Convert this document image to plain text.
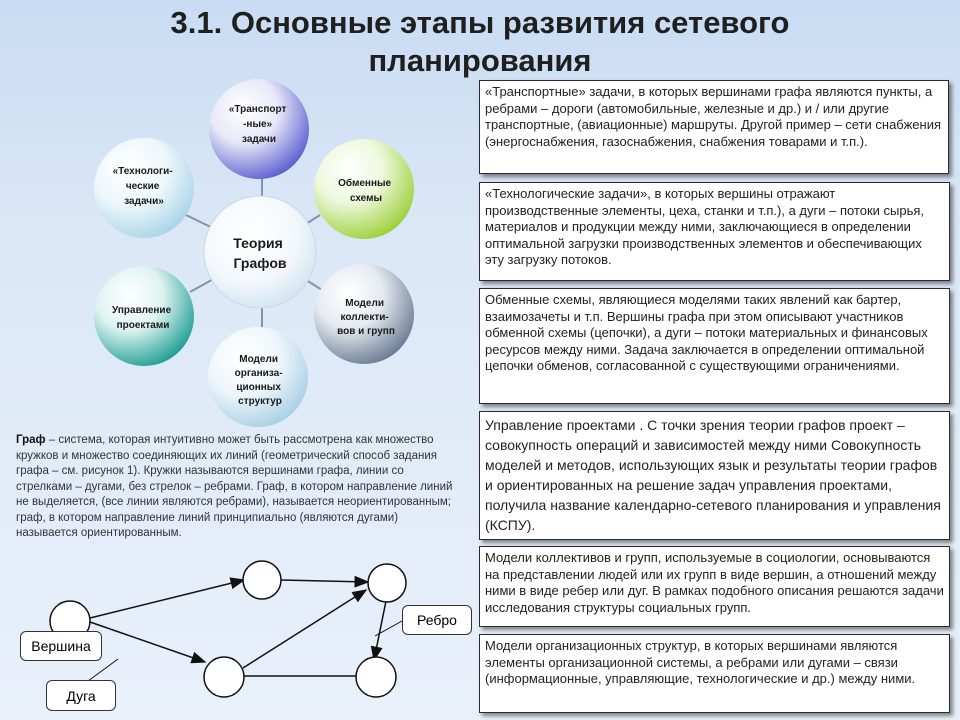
3.1. Основные этапы развития сетевого планирования
«Транспорт -ные» задачи
Обменные схемы
Модели коллекти- вов и групп
Модели организа- ционных структур
Управление проектами
«Технологи- ческие задачи»
Теория Графов
Вершина
Дуга
Ребро
Граф – система, которая интуитивно может быть рассмотрена как множество кружков и множество соединяющих их линий (геометрический способ задания графа – см. рисунок 1). Кружки называются вершинами графа, линии со стрелками – дугами, без стрелок – ребрами. Граф, в котором направление линий не выделяется, (все линии являются ребрами), называется неориентированным; граф, в котором направление линий принципиально (являются дугами) называется ориентированным.
«Транспортные» задачи, в которых вершинами графа являются пункты, а ребрами – дороги (автомобильные, железные и др.) и / или другие транспортные, (авиационные) маршруты. Другой пример – сети снабжения (энергоснабжения, газоснабжения, снабжения товарами и т.п.).
«Технологические задачи», в которых вершины отражают производственные элементы, цеха, станки и т.п.), а дуги – потоки сырья, материалов и продукции между ними, заключающиеся в определении оптимальной загрузки производственных элементов и обеспечивающих эту загрузку потоков.
Обменные схемы, являющиеся моделями таких явлений как бартер, взаимозачеты и т.п. Вершины графа при этом описывают участников обменной схемы (цепочки), а дуги – потоки материальных и финансовых ресурсов между ними. Задача заключается в определении оптимальной цепочки обменов, согласованной с существующими ограничениями.
Управление проектами . С точки зрения теории графов проект – совокупность операций и зависимостей между ними Совокупность моделей и методов, использующих язык и результаты теории графов и ориентированных на решение задач управления проектами, получила название календарно-сетевого планирования и управления (КСПУ).
Модели коллективов и групп, используемые в социологии, основываются на представлении людей или их групп в виде вершин, а отношений между ними в виде ребер или дуг. В рамках подобного описания решаются задачи исследования структуры социальных групп.
Модели организационных структур, в которых вершинами являются элементы организационной системы, а ребрами или дугами – связи (информационные, управляющие, технологические и др.) между ними.
